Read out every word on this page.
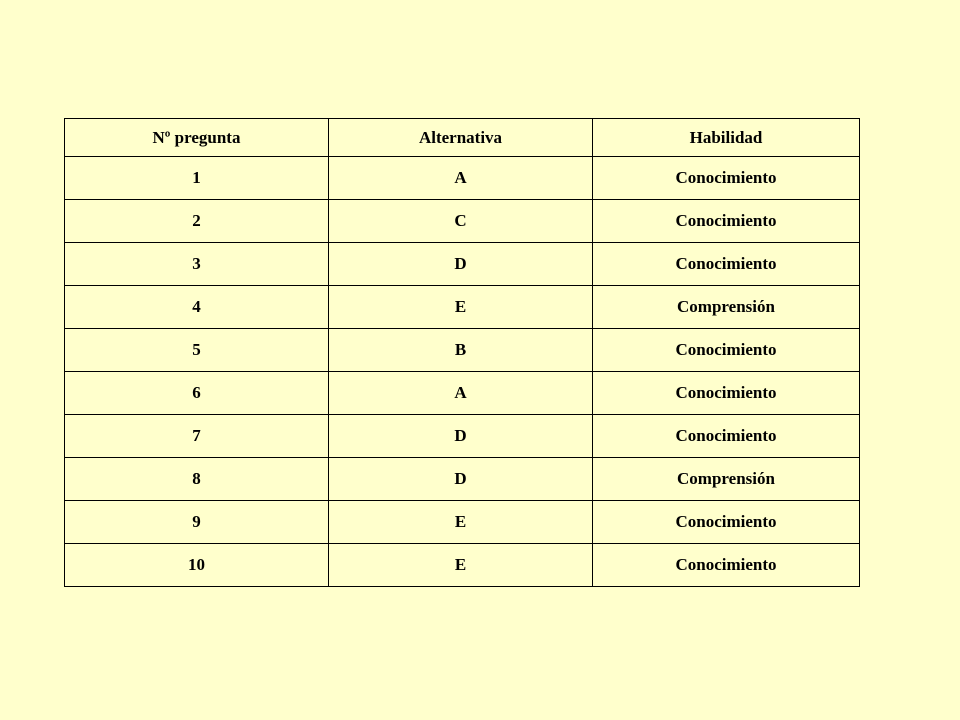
Nº pregunta	Alternativa	Habilidad
1	A	Conocimiento
2	C	Conocimiento
3	D	Conocimiento
4	E	Comprensión
5	B	Conocimiento
6	A	Conocimiento
7	D	Conocimiento
8	D	Comprensión
9	E	Conocimiento
10	E	Conocimiento
